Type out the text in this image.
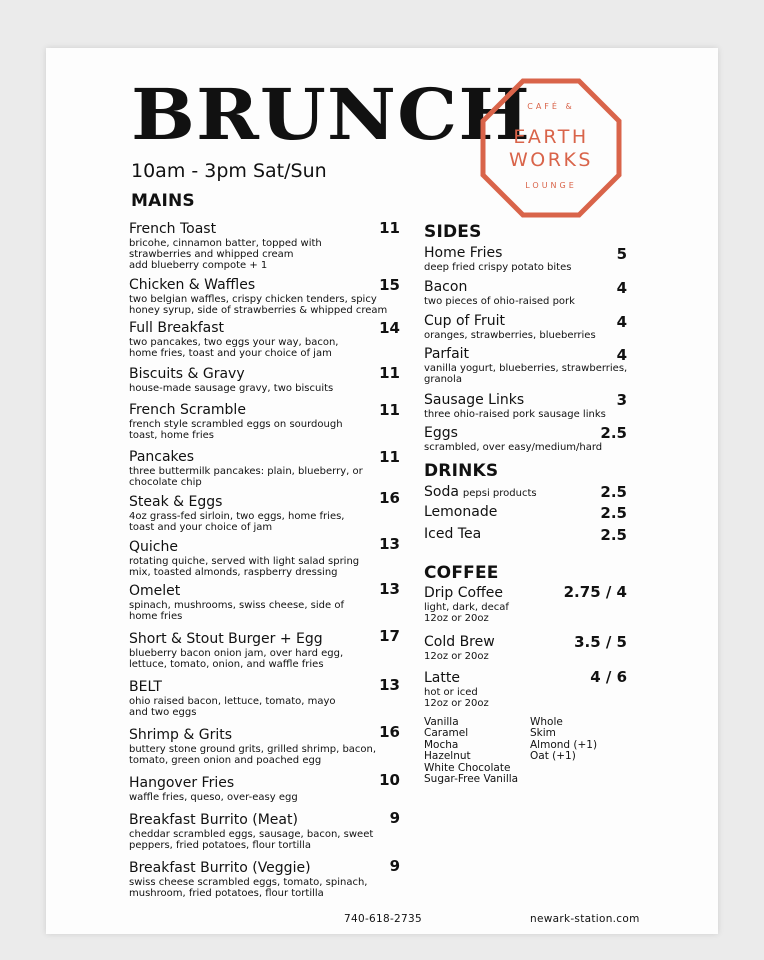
BRUNCH
10am - 3pm Sat/Sun
CAFÉ &
EARTH
WORKS
LOUNGE
MAINS
French Toast
bricohe, cinnamon batter, topped with
strawberries and whipped cream
add blueberry compote + 1
11
Chicken & Waffles
two belgian waffles, crispy chicken tenders, spicy
honey syrup, side of strawberries & whipped cream
15
Full Breakfast
two pancakes, two eggs your way, bacon,
home fries, toast and your choice of jam
14
Biscuits & Gravy
house-made sausage gravy, two biscuits
11
French Scramble
french style scrambled eggs on sourdough
toast, home fries
11
Pancakes
three buttermilk pancakes: plain, blueberry, or
chocolate chip
11
Steak & Eggs
4oz grass-fed sirloin, two eggs, home fries,
toast and your choice of jam
16
Quiche
rotating quiche, served with light salad spring
mix, toasted almonds, raspberry dressing
13
Omelet
spinach, mushrooms, swiss cheese, side of
home fries
13
Short & Stout Burger + Egg
blueberry bacon onion jam, over hard egg,
lettuce, tomato, onion, and waffle fries
17
BELT
ohio raised bacon, lettuce, tomato, mayo
and two eggs
13
Shrimp & Grits
buttery stone ground grits, grilled shrimp, bacon,
tomato, green onion and poached egg
16
Hangover Fries
waffle fries, queso, over-easy egg
10
Breakfast Burrito (Meat)
cheddar scrambled eggs, sausage, bacon, sweet
peppers, fried potatoes, flour tortilla
9
Breakfast Burrito (Veggie)
swiss cheese scrambled eggs, tomato, spinach,
mushroom, fried potatoes, flour tortilla
9
SIDES
Home Fries
deep fried crispy potato bites
5
Bacon
two pieces of ohio-raised pork
4
Cup of Fruit
oranges, strawberries, blueberries
4
Parfait
vanilla yogurt, blueberries, strawberries,
granola
4
Sausage Links
three ohio-raised pork sausage links
3
Eggs
scrambled, over easy/medium/hard
2.5
DRINKS
Soda pepsi products	2.5
Lemonade	2.5
Iced Tea	2.5
COFFEE
Drip Coffee
light, dark, decaf
12oz or 20oz
2.75 / 4
Cold Brew
12oz or 20oz
3.5 / 5
Latte
hot or iced
12oz or 20oz
4 / 6
Vanilla
Caramel
Mocha
Hazelnut
White Chocolate
Sugar-Free Vanilla
Whole
Skim
Almond (+1)
Oat (+1)
740-618-2735	newark-station.com
